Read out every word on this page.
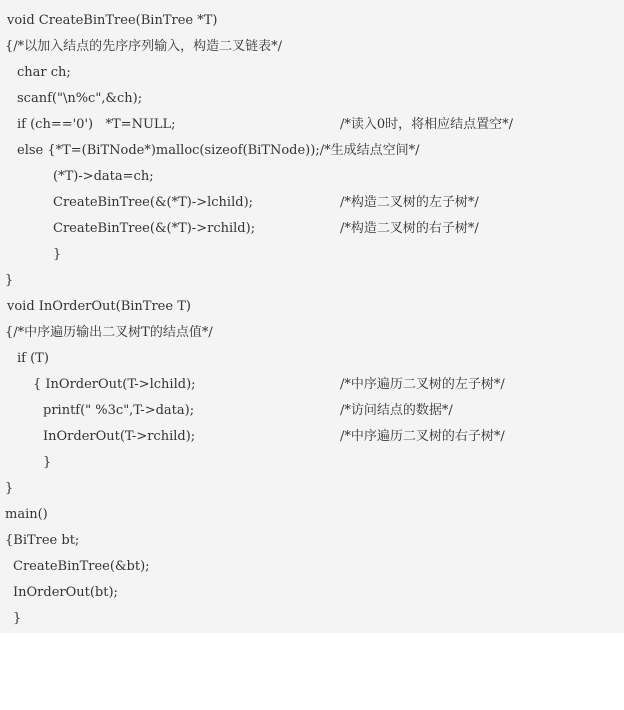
void CreateBinTree(BinTree *T)

{/*以加入结点的先序序列输入，构造二叉链表*/

char ch;

scanf("\n%c",&ch);

if (ch=='0')   *T=NULL;

	/*读入0时，将相应结点置空*/

else {*T=(BiTNode*)malloc(sizeof(BiTNode));/*生成结点空间*/

(*T)->data=ch;

CreateBinTree(&(*T)->lchild);

	/*构造二叉树的左子树*/

CreateBinTree(&(*T)->rchild);

	/*构造二叉树的右子树*/

}

}

void InOrderOut(BinTree T)

{/*中序遍历输出二叉树T的结点值*/

if (T)

{ InOrderOut(T->lchild);

	/*中序遍历二叉树的左子树*/

printf(" %3c",T->data);

	/*访问结点的数据*/

InOrderOut(T->rchild);

	/*中序遍历二叉树的右子树*/

}

}

main()

{BiTree bt;

CreateBinTree(&bt);

InOrderOut(bt);

}
